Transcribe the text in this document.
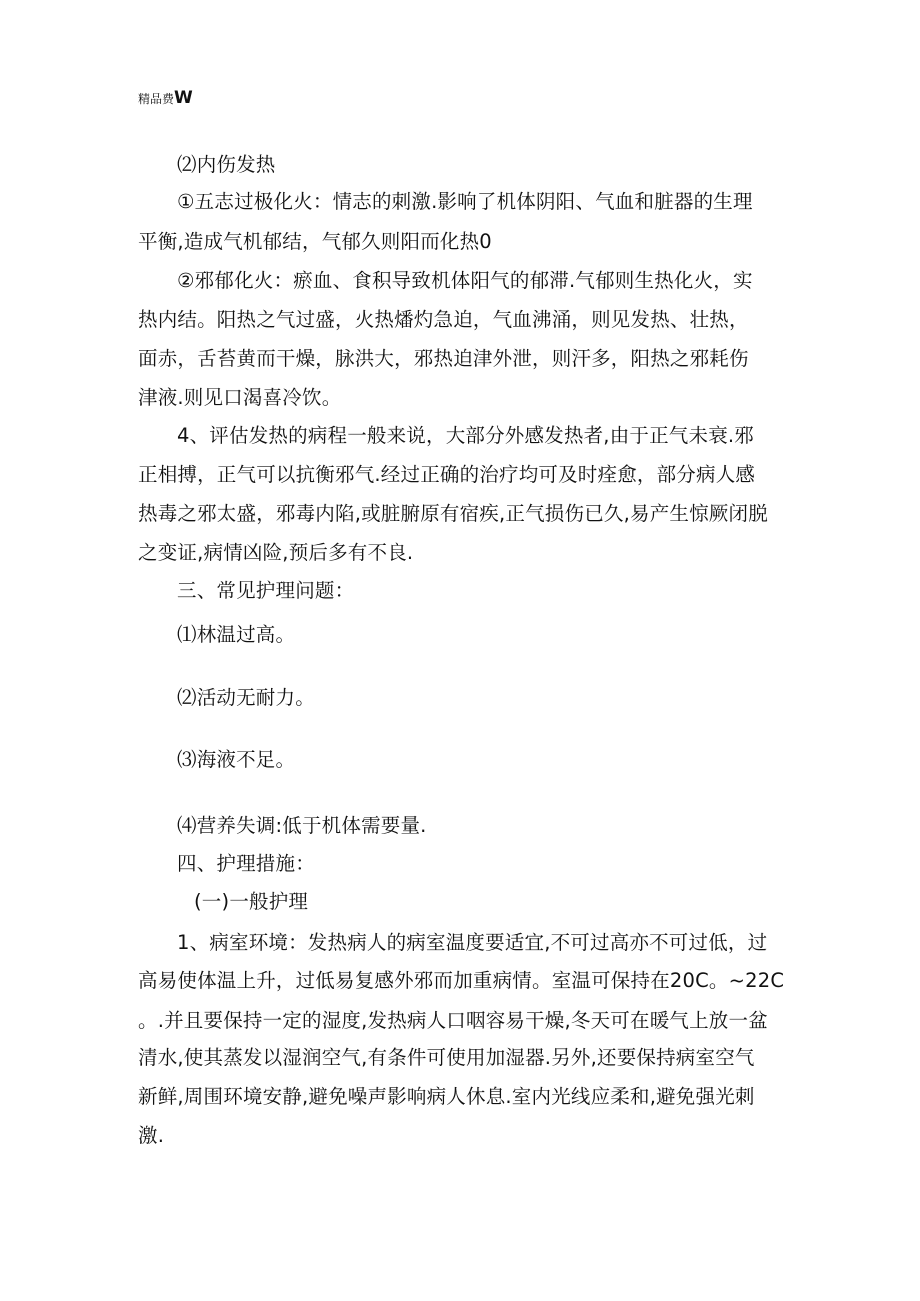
精品费W
⑵内伤发热
①五志过极化火：情志的刺激.影响了机体阴阳、气血和脏器的生理
平衡,造成气机郁结，气郁久则阳而化热0
②邪郁化火：瘀血、食积导致机体阳气的郁滞.气郁则生热化火，实
热内结。阳热之气过盛，火热燔灼急迫，气血沸涌，则见发热、壮热，
面赤，舌苔黄而干燥，脉洪大，邪热迫津外泄，则汗多，阳热之邪耗伤
津液.则见口渴喜冷饮。
4、评估发热的病程一般来说，大部分外感发热者,由于正气未衰.邪
正相搏，正气可以抗衡邪气.经过正确的治疗均可及时痊愈，部分病人感
热毒之邪太盛，邪毒内陷,或脏腑原有宿疾,正气损伤已久,易产生惊厥闭脱
之变证,病情凶险,预后多有不良.
三、常见护理问题：
⑴林温过高。
⑵活动无耐力。
⑶海液不足。
⑷营养失调:低于机体需要量.
四、护理措施：
(一)一般护理
1、病室环境：发热病人的病室温度要适宜,不可过高亦不可过低，过
高易使体温上升，过低易复感外邪而加重病情。室温可保持在20C。~22C
。.并且要保持一定的湿度,发热病人口咽容易干燥,冬天可在暖气上放一盆
清水,使其蒸发以湿润空气,有条件可使用加湿器.另外,还要保持病室空气
新鲜,周围环境安静,避免噪声影响病人休息.室内光线应柔和,避免强光刺
激.
